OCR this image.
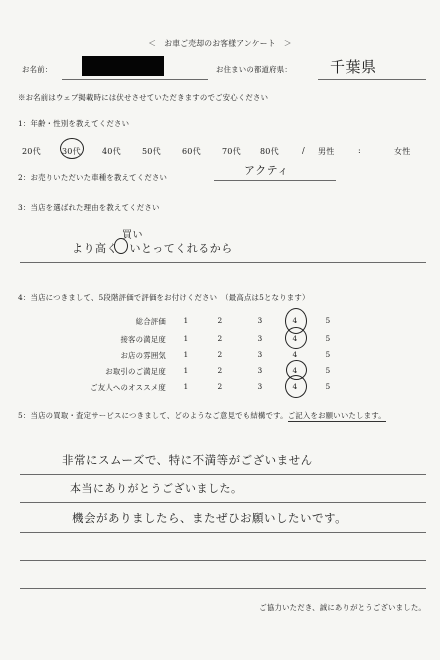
＜　お車ご売却のお客様アンケート　＞
お名前：	お住まいの都道府県：	千葉県
※お名前はウェブ掲載時には伏せさせていただきますのでご安心ください
1：年齢・性別を教えてください
20代	30代	40代	50代	60代	70代 80代	/ 男性	:	女性
2：お売りいただいた車種を教えてください
アクティ
3：当店を選ばれた理由を教えてください
買い
より高く　いとってくれるから
4：当店につきまして、5段階評価で評価をお付けください　（最高点は5となります）
総合評価	1	2	3	4	5
接客の満足度	1	2	3	4	5
お店の雰囲気	1	2	3	4	5
お取引のご満足度	1	2	3	4	5
ご友人へのオススメ度	1	2	3	4	5
5：当店の買取・査定サービスにつきまして、どのようなご意見でも結構です。ご記入をお願いいたします。
非常にスムーズで、特に不満等がございません
本当にありがとうございました。
機会がありましたら、またぜひお願いしたいです。
ご協力いただき、誠にありがとうございました。
